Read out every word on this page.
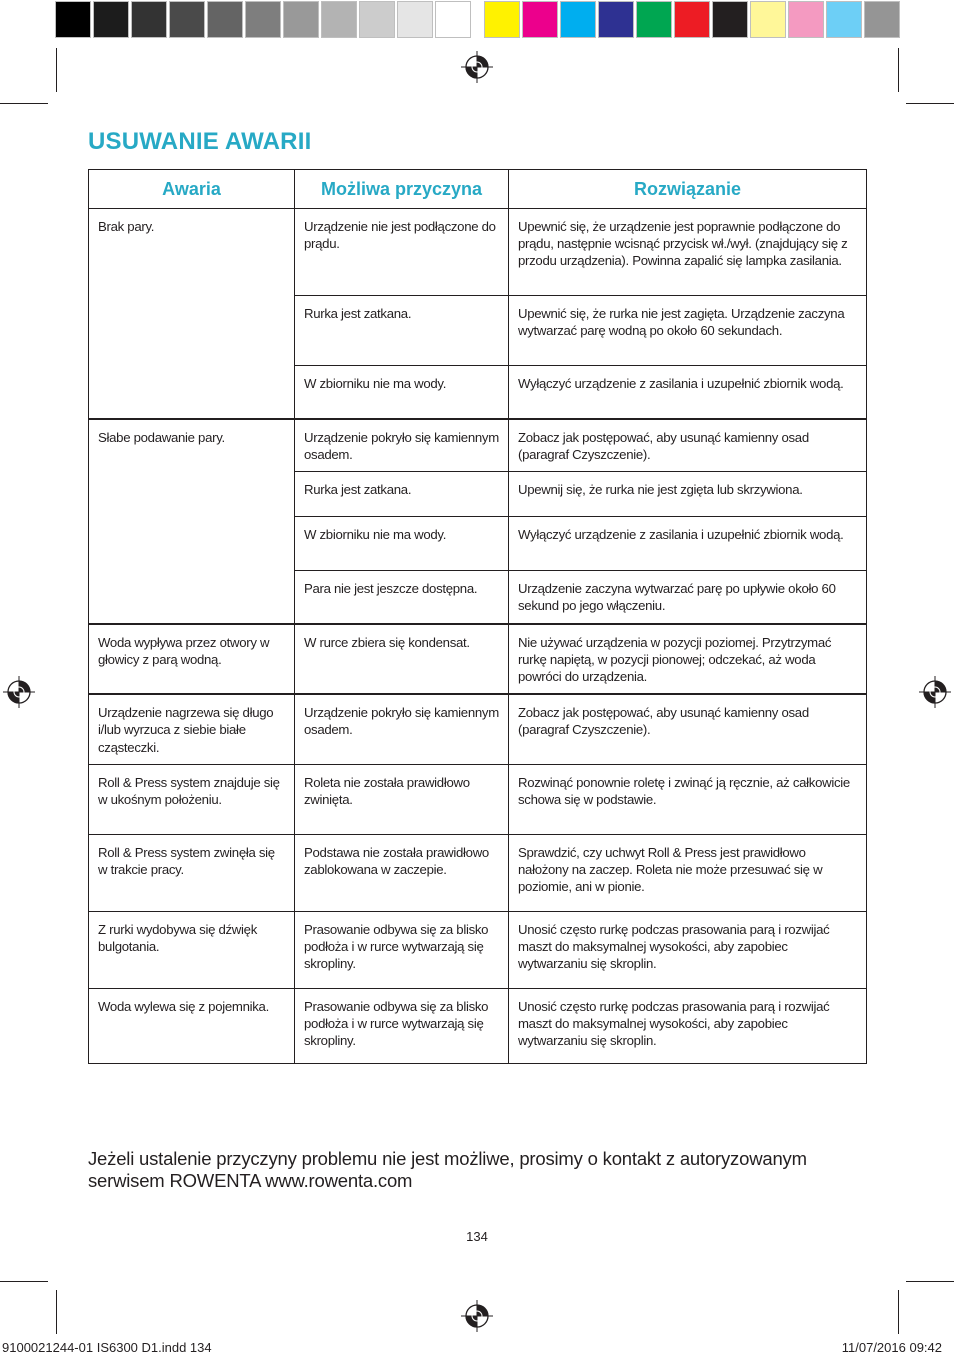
USUWANIE AWARII
Awaria	Możliwa przyczyna	Rozwiązanie
Brak pary.	Urządzenie nie jest podłączone do prądu.	Upewnić się, że urządzenie jest poprawnie podłączone do prądu, następnie wcisnąć przycisk wł./wył. (znajdujący się z przodu urządzenia). Powinna zapalić się lampka zasilania.
	Rurka jest zatkana.	Upewnić się, że rurka nie jest zagięta. Urządzenie zaczyna wytwarzać parę wodną po około 60 sekundach.
	W zbiorniku nie ma wody.	Wyłączyć urządzenie z zasilania i uzupełnić zbiornik wodą.
Słabe podawanie pary.	Urządzenie pokryło się kamiennym osadem.	Zobacz jak postępować, aby usunąć kamienny osad (paragraf Czyszczenie).
	Rurka jest zatkana.	Upewnij się, że rurka nie jest zgięta lub skrzywiona.
	W zbiorniku nie ma wody.	Wyłączyć urządzenie z zasilania i uzupełnić zbiornik wodą.
	Para nie jest jeszcze dostępna.	Urządzenie zaczyna wytwarzać parę po upływie około 60 sekund po jego włączeniu.
Woda wypływa przez otwory w głowicy z parą wodną.	W rurce zbiera się kondensat.	Nie używać urządzenia w pozycji poziomej. Przytrzymać rurkę napiętą, w pozycji pionowej; odczekać, aż woda powróci do urządzenia.
Urządzenie nagrzewa się długo i/lub wyrzuca z siebie białe cząsteczki.	Urządzenie pokryło się kamiennym osadem.	Zobacz jak postępować, aby usunąć kamienny osad (paragraf Czyszczenie).
Roll & Press system znajduje się w ukośnym położeniu.	Roleta nie została prawidłowo zwinięta.	Rozwinąć ponownie roletę i zwinąć ją ręcznie, aż całkowicie schowa się w podstawie.
Roll & Press system zwinęła się w trakcie pracy.	Podstawa nie została prawidłowo zablokowana w zaczepie.	Sprawdzić, czy uchwyt Roll & Press jest prawidłowo nałożony na zaczep. Roleta nie może przesuwać się w poziomie, ani w pionie.
Z rurki wydobywa się dźwięk bulgotania.	Prasowanie odbywa się za blisko podłoża i w rurce wytwarzają się skropliny.	Unosić często rurkę podczas prasowania parą i rozwijać maszt do maksymalnej wysokości, aby zapobiec wytwarzaniu się skroplin.
Woda wylewa się z pojemnika.	Prasowanie odbywa się za blisko podłoża i w rurce wytwarzają się skropliny.	Unosić często rurkę podczas prasowania parą i rozwijać maszt do maksymalnej wysokości, aby zapobiec wytwarzaniu się skroplin.
Jeżeli ustalenie przyczyny problemu nie jest możliwe, prosimy o kontakt z autoryzowanym serwisem ROWENTA www.rowenta.com
134
9100021244-01 IS6300 D1.indd 134	11/07/2016 09:42
